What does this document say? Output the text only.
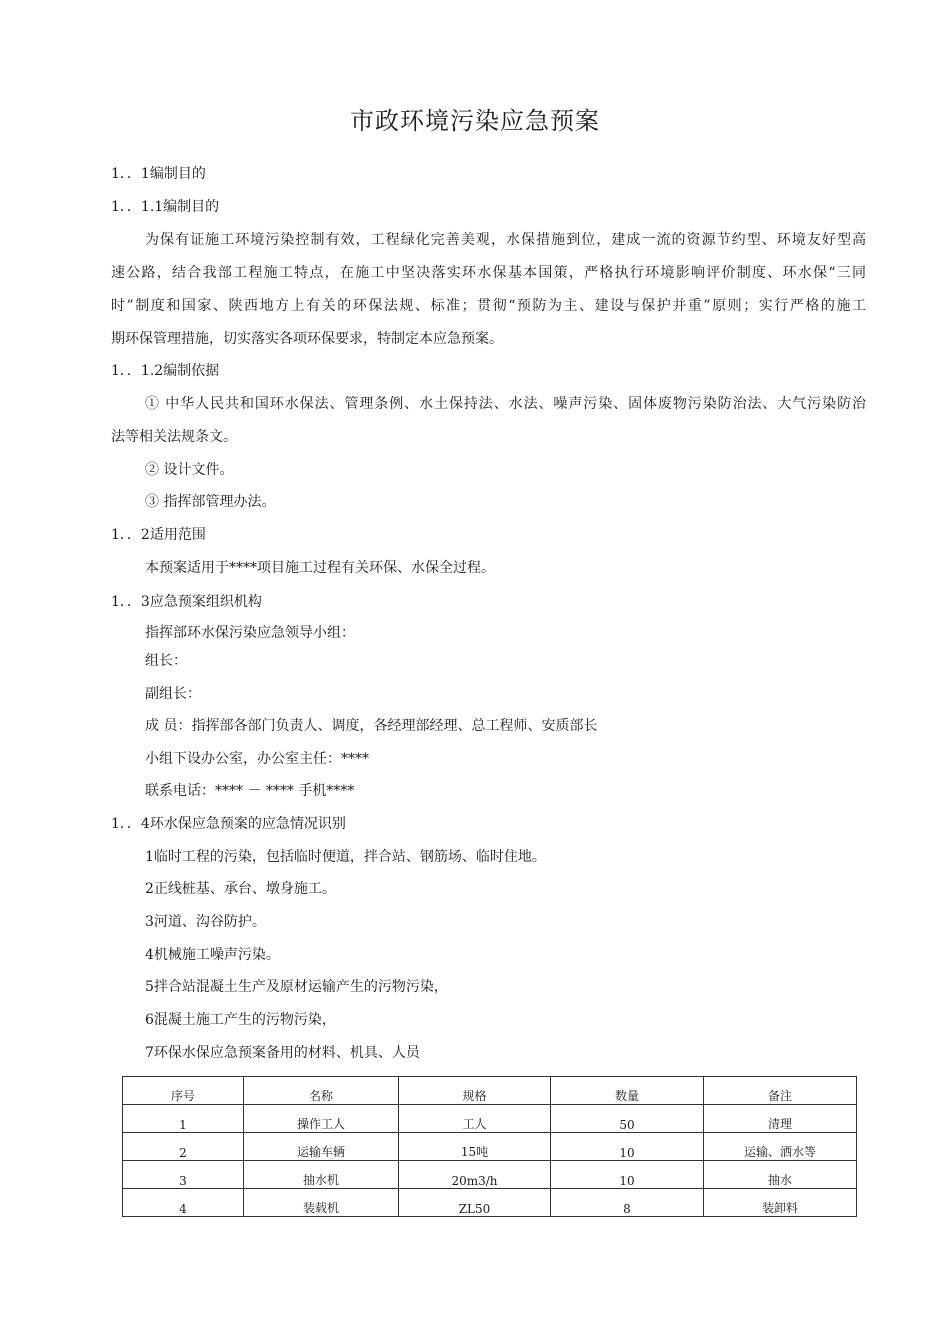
市政环境污染应急预案
1．．1编制目的
1．．1.1编制目的
为保有证施工环境污染控制有效，工程绿化完善美观，水保措施到位，建成一流的资源节约型、环境友好型高
速公路，结合我部工程施工特点，在施工中坚决落实环水保基本国策，严格执行环境影响评价制度、环水保“三同
时”制度和国家、陕西地方上有关的环保法规、标准；贯彻“预防为主、建设与保护并重”原则；实行严格的施工
期环保管理措施，切实落实各项环保要求，特制定本应急预案。
1．．1.2编制依据
① 中华人民共和国环水保法、管理条例、水土保持法、水法、噪声污染、固体废物污染防治法、大气污染防治
法等相关法规条文。
② 设计文件。
③ 指挥部管理办法。
1．．2适用范围
本预案适用于****项目施工过程有关环保、水保全过程。
1．．3应急预案组织机构
指挥部环水保污染应急领导小组：
组长：
副组长：
成 员：指挥部各部门负责人、调度，各经理部经理、总工程师、安质部长
小组下设办公室，办公室主任：****
联系电话：**** － **** 手机****
1．．4环水保应急预案的应急情况识别
1临时工程的污染，包括临时便道，拌合站、钢筋场、临时住地。
2正线桩基、承台、墩身施工。
3河道、沟谷防护。
4机械施工噪声污染。
5拌合站混凝土生产及原材运输产生的污物污染，
6混凝土施工产生的污物污染，
7环保水保应急预案备用的材料、机具、人员
序号	名称	规格	数量	备注
1	操作工人	工人	50	清理
2	运输车辆	15吨	10	运输、洒水等
3	抽水机	20m3/h	10	抽水
4	装载机	ZL50	8	装卸料
